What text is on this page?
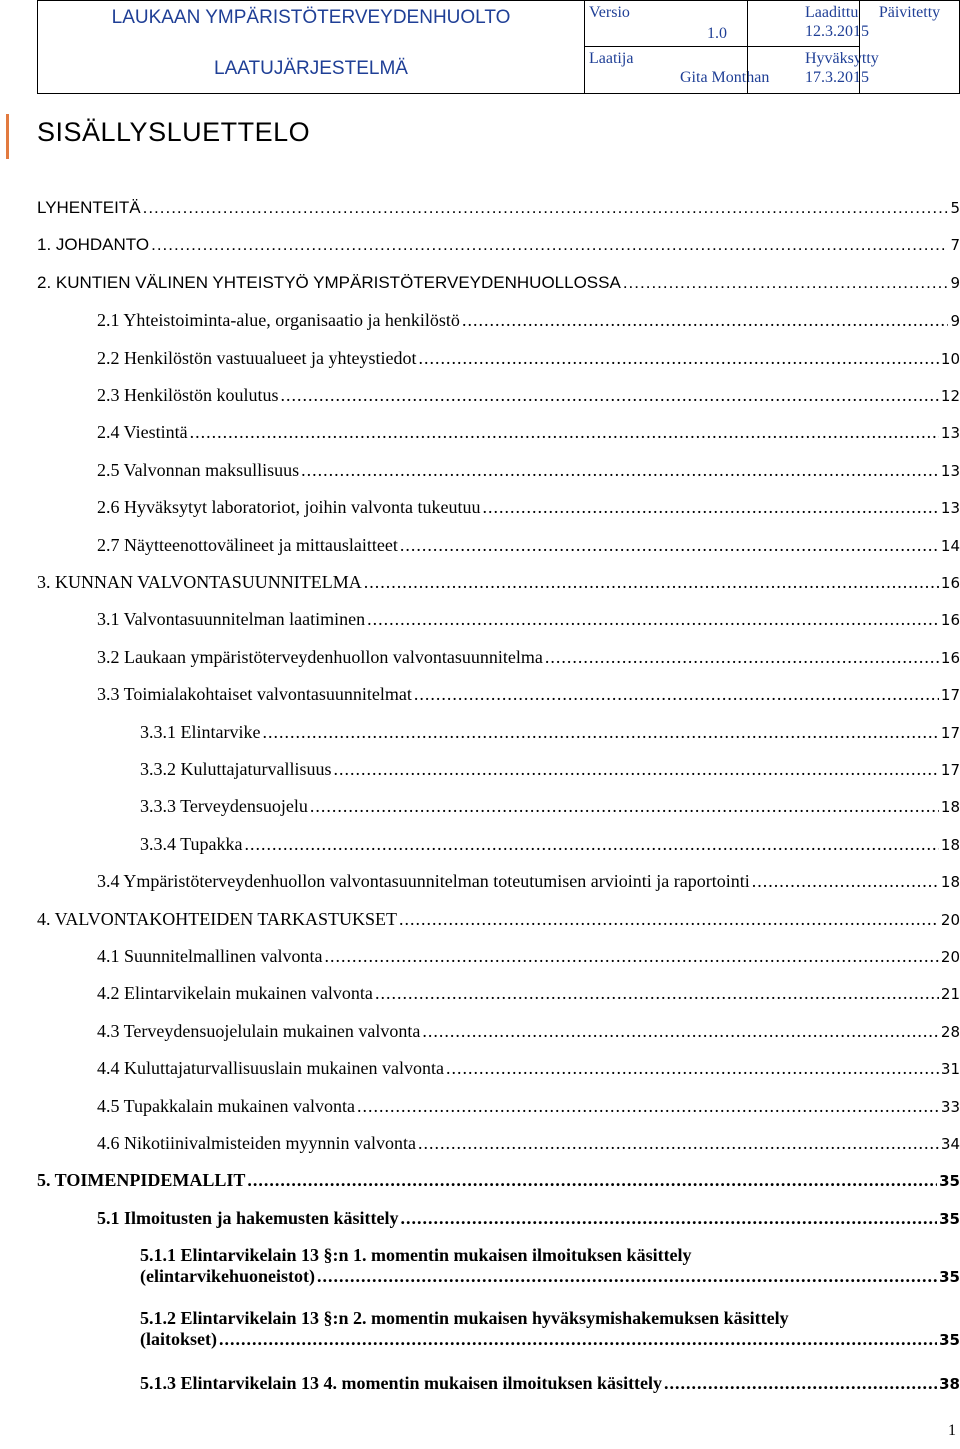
LAUKAAN YMPÄRISTÖTERVEYDENHUOLTO
LAATUJÄRJESTELMÄ
Versio
1.0
Laatija
Gita Monthan
Laadittu
12.3.2015
Hyväksytty
17.3.2015
Päivitetty
SISÄLLYSLUETTELO
LYHENTEITÄ .....	5
1. JOHDANTO .....	7
2. KUNTIEN VÄLINEN YHTEISTYÖ YMPÄRISTÖTERVEYDENHUOLLOSSA .....	9
2.1 Yhteistoiminta-alue, organisaatio ja henkilöstö .....	9
2.2 Henkilöstön vastuualueet ja yhteystiedot .....	10
2.3 Henkilöstön koulutus .....	12
2.4 Viestintä .....	13
2.5 Valvonnan maksullisuus .....	13
2.6 Hyväksytyt laboratoriot, joihin valvonta tukeutuu .....	13
2.7 Näytteenottovälineet ja mittauslaitteet .....	14
3. KUNNAN VALVONTASUUNNITELMA .....	16
3.1 Valvontasuunnitelman laatiminen .....	16
3.2 Laukaan ympäristöterveydenhuollon valvontasuunnitelma .....	16
3.3 Toimialakohtaiset valvontasuunnitelmat .....	17
3.3.1 Elintarvike .....	17
3.3.2 Kuluttajaturvallisuus .....	17
3.3.3 Terveydensuojelu .....	18
3.3.4 Tupakka .....	18
3.4 Ympäristöterveydenhuollon valvontasuunnitelman toteutumisen arviointi ja raportointi .....	18
4. VALVONTAKOHTEIDEN TARKASTUKSET .....	20
4.1 Suunnitelmallinen valvonta .....	20
4.2 Elintarvikelain mukainen valvonta .....	21
4.3 Terveydensuojelulain mukainen valvonta .....	28
4.4 Kuluttajaturvallisuuslain mukainen valvonta .....	31
4.5 Tupakkalain mukainen valvonta .....	33
4.6 Nikotiinivalmisteiden myynnin valvonta .....	34
5. TOIMENPIDEMALLIT .....	35
5.1 Ilmoitusten ja hakemusten käsittely .....	35
5.1.1 Elintarvikelain 13 §:n 1. momentin mukaisen ilmoituksen käsittely
(elintarvikehuoneistot) .....	35
5.1.2 Elintarvikelain 13 §:n 2. momentin mukaisen hyväksymishakemuksen käsittely
(laitokset) .....	35
5.1.3 Elintarvikelain 13 4. momentin mukaisen ilmoituksen käsittely .....	38
1
